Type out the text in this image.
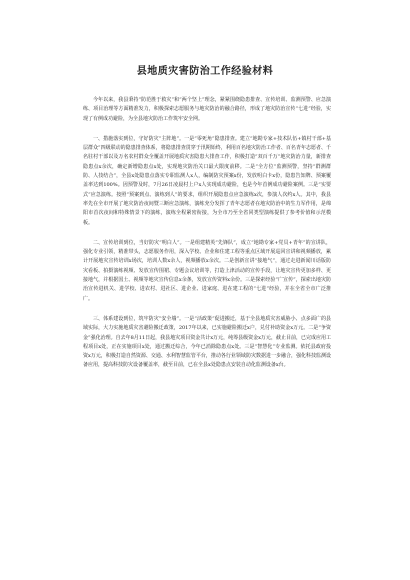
县地质灾害防治工作经验材料

今年以来，我县秉持“防范胜于救灾”和“两个坚上”理念，紧紧围绕隐患排查、宣传培训、监测预警、应急演练、项目治理等方面精准发力，积极探索志愿服务与地灾防治的融合路径，形成了地灾防治宣传“七进”经验，实现了有例成功避险，为全县地灾防治工作筑牢安全网。

一、措施落实到位，守好防灾“主阵地”。一是“零死角”隐患排查。建立“地勘专家+技术队伍+镇村干部+基层群众”四级联动的隐患排查体系，将隐患排查贯穿于汛期始终，利用百名地灾防治工作者、百名青年志愿者、千名驻村干部以及万名农村群众全覆盖开展地质灾害隐患大排查工作，积极打造“双百千万”地灾防治力量，新排查隐患点x余次，确定新增隐患点x处，实现地灾防治关口最大限度前移。二是“全方位”监测预警，坚持“群测群防、人技结合”，全县x处隐患点落实专职监测人x人，编制防灾预案x份，发放明白卡x份，隐患告知牌、预案覆盖率达到100%。因预警及时，7月26日凌晨村上户x人实现成功避险，也是今年首例成功避险案例。三是“实要式”应急演练。按照“预案到点、演练到人”的要求，组织开展隐患点应急演练x次，参演人次约x人。其中，我县率先在全市开展了地灾防治夜间暨三断应急演练，演练充分发挥了青年志愿者在地灾防治中的生力军作用，是绵阳市首次夜间和特殊情景下的演练，演练全程紧密衔接，为全市乃至全省同类型演练提供了参考价值和示范模板。

二、宣传培训到位，当好防灾“明白人”。一是组建精英“先锋队”，成立“地勘专家+党员+青年”的宣讲队，强化专业引领，精准带头，志愿服务作用，深入学校、企业和住建工程等重点区域开展巡回宣讲和视频播放，累计开展地灾宣传培训x场次，培训人数x余人，视频播放x余次。二是创新宣讲“接地气”，通过走进新闻川话版防灾看板、拍摄演练视频、发放宣传围裙、专题会议培训等，打造上津活动的宣传手段，让地灾宣传更加多样、更接地气，并根据国土、视频等地灾宣传信息x余条，发放宣传资料x余份。三是探索经验“广宣传”，探索出地灾防治宣传进机关、进学校、进农村、进社区、进企业、进家庭、进在建工程的“七进”经验，并在全省全市广泛推广。

三、体系建设到位，筑牢防灾“安全墙”。一是“活政策”促进搬迁，基于全县地质灾害威胁小、点多面广的县域实际，大力实施地质灾害避险搬迁政策，2017年以来，已实施避险搬迁x户，兑付补助资金x万元。二是“争资金”强化治理。自去年8月11日起，我县地灾项目资金共计x万元，纯筹县级资金x万元，截止目前，已完成应用工程项目x处，正在实施项目x处，通过搬迁综合，今年已消除隐患点x处。三是“智慧化”专业监测。依托县政府投资x万元，积极打造自然资源、交通、水利智慧监管平台，推动各行业领域防灾数据进一步融合，强化科技监测设备应用，提高科技防灾设备覆盖率，截至目前，已在全县x处隐患点安装自动化监测设备x台。
